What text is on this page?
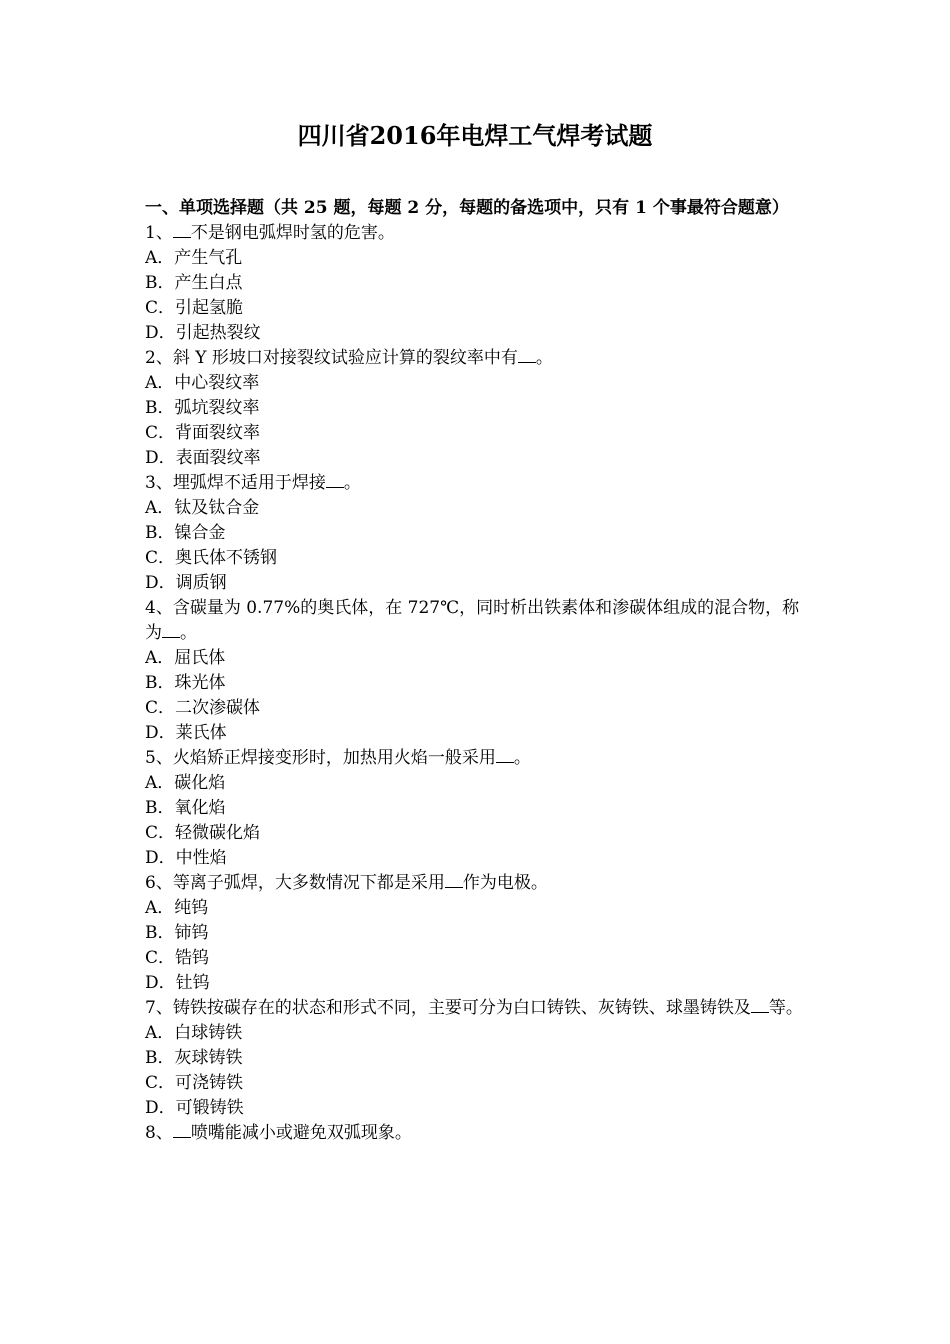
四川省2016年电焊工气焊考试题

一、单项选择题（共 25 题，每题 2 分，每题的备选项中，只有 1 个事最符合题意）

1、 不是钢电弧焊时氢的危害。

A．产生气孔

B．产生白点

C．引起氢脆

D．引起热裂纹

2、斜 Y 形坡口对接裂纹试验应计算的裂纹率中有 。

A．中心裂纹率

B．弧坑裂纹率

C．背面裂纹率

D．表面裂纹率

3、埋弧焊不适用于焊接 。

A．钛及钛合金

B．镍合金

C．奥氏体不锈钢

D．调质钢

4、含碳量为 0.77%的奥氏体，在 727℃，同时析出铁素体和渗碳体组成的混合物，称为 。

A．屈氏体

B．珠光体

C．二次渗碳体

D．莱氏体

5、火焰矫正焊接变形时，加热用火焰一般采用 。

A．碳化焰

B．氧化焰

C．轻微碳化焰

D．中性焰

6、等离子弧焊，大多数情况下都是采用 作为电极。

A．纯钨

B．铈钨

C．锆钨

D．钍钨

7、铸铁按碳存在的状态和形式不同，主要可分为白口铸铁、灰铸铁、球墨铸铁及 等。

A．白球铸铁

B．灰球铸铁

C．可浇铸铁

D．可锻铸铁

8、 喷嘴能减小或避免双弧现象。
